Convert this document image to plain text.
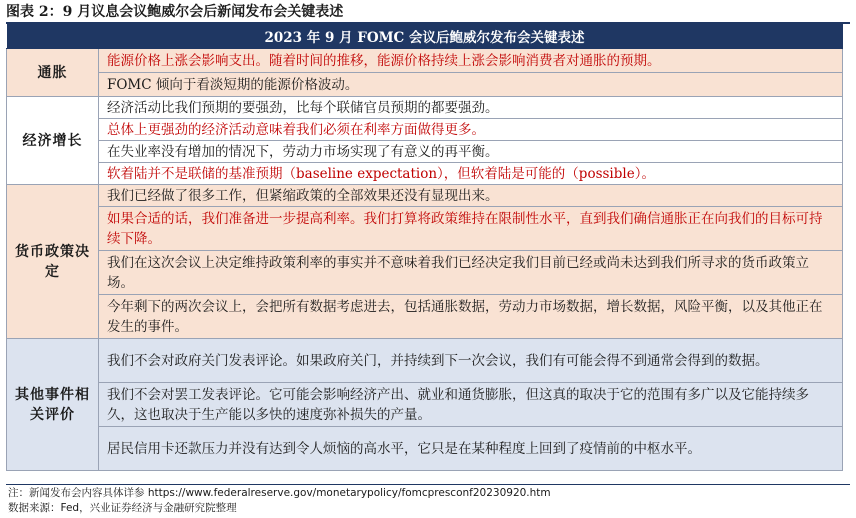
图表 2：9 月议息会议鲍威尔会后新闻发布会关键表述
2023 年 9 月 FOMC 会议后鲍威尔发布会关键表述	
通胀	能源价格上涨会影响支出。随着时间的推移，能源价格持续上涨会影响消费者对通胀的预期。
	FOMC 倾向于看淡短期的能源价格波动。
经济增长	经济活动比我们预期的要强劲，比每个联储官员预期的都要强劲。
	总体上更强劲的经济活动意味着我们必须在利率方面做得更多。
	在失业率没有增加的情况下，劳动力市场实现了有意义的再平衡。
	软着陆并不是联储的基准预期（baseline expectation），但软着陆是可能的（possible）。
货币政策决定	我们已经做了很多工作，但紧缩政策的全部效果还没有显现出来。
	如果合适的话，我们准备进一步提高利率。我们打算将政策维持在限制性水平，直到我们确信通胀正在向我们的目标可持续下降。
	我们在这次会议上决定维持政策利率的事实并不意味着我们已经决定我们目前已经或尚未达到我们所寻求的货币政策立场。
	今年剩下的两次会议上，会把所有数据考虑进去，包括通胀数据，劳动力市场数据，增长数据，风险平衡，以及其他正在发生的事件。
其他事件相关评价	我们不会对政府关门发表评论。如果政府关门，并持续到下一次会议，我们有可能会得不到通常会得到的数据。
	我们不会对罢工发表评论。它可能会影响经济产出、就业和通货膨胀，但这真的取决于它的范围有多广以及它能持续多久，这也取决于生产能以多快的速度弥补损失的产量。
	居民信用卡还款压力并没有达到令人烦恼的高水平，它只是在某种程度上回到了疫情前的中枢水平。
注：新闻发布会内容具体详参 https://www.federalreserve.gov/monetarypolicy/fomcpresconf20230920.htm
数据来源：Fed，兴业证券经济与金融研究院整理
